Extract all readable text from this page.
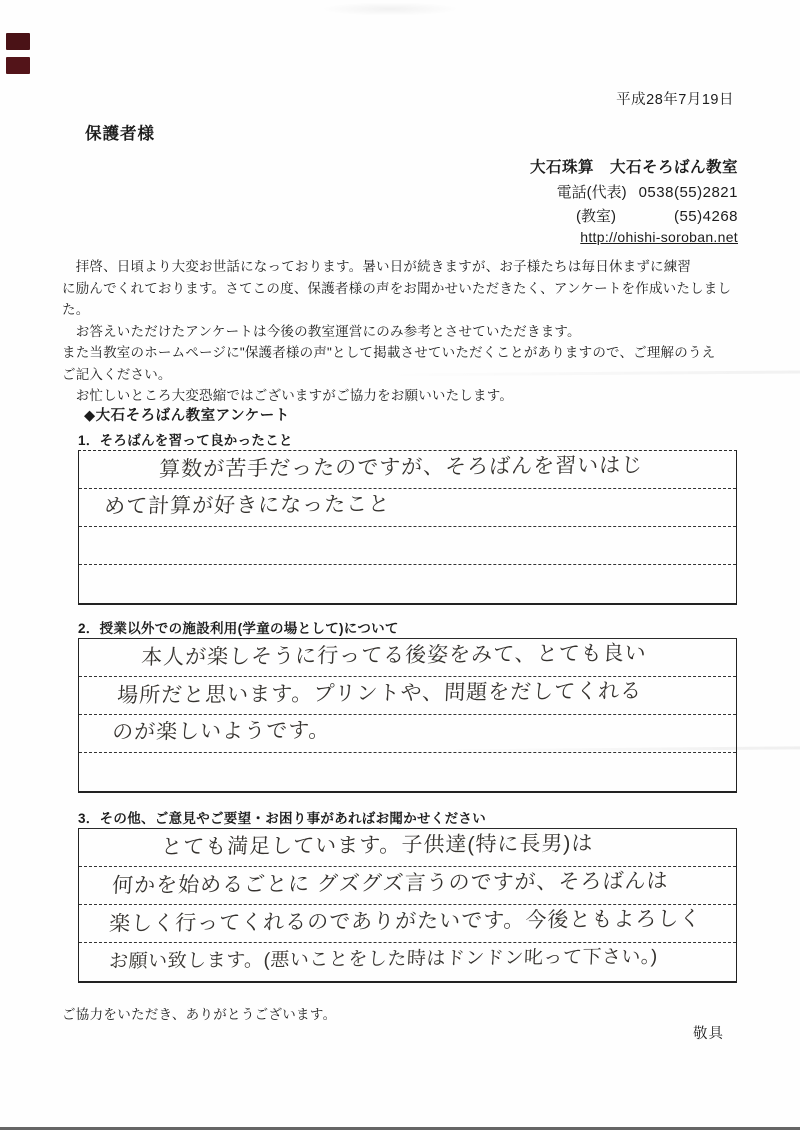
平成28年7月19日
保護者様
大石珠算　大石そろばん教室
電話(代表) 0538(55)2821
(教室)	(55)4268
http://ohishi-soroban.net
　拝啓、日頃より大変お世話になっております。暑い日が続きますが、お子様たちは毎日休まずに練習
に励んでくれております。さてこの度、保護者様の声をお聞かせいただきたく、アンケートを作成いたしました。
　お答えいただけたアンケートは今後の教室運営にのみ参考とさせていただきます。
また当教室のホームページに"保護者様の声"として掲載させていただくことがありますので、ご理解のうえ
ご記入ください。
　お忙しいところ大変恐縮ではございますがご協力をお願いいたします。
◆大石そろばん教室アンケート
1．そろばんを習って良かったこと
算数が苦手だったのですが、そろばんを習いはじ
めて計算が好きになったこと
2．授業以外での施設利用(学童の場として)について
本人が楽しそうに行ってる後姿をみて、とても良い
場所だと思います。プリントや、問題をだしてくれる
のが楽しいようです。
3．その他、ご意見やご要望・お困り事があればお聞かせください
とても満足しています。子供達(特に長男)は
何かを始めるごとに グズグズ言うのですが、そろばんは
楽しく行ってくれるのでありがたいです。今後ともよろしく
お願い致します。(悪いことをした時はドンドン叱って下さい。)
ご協力をいただき、ありがとうございます。
敬具
